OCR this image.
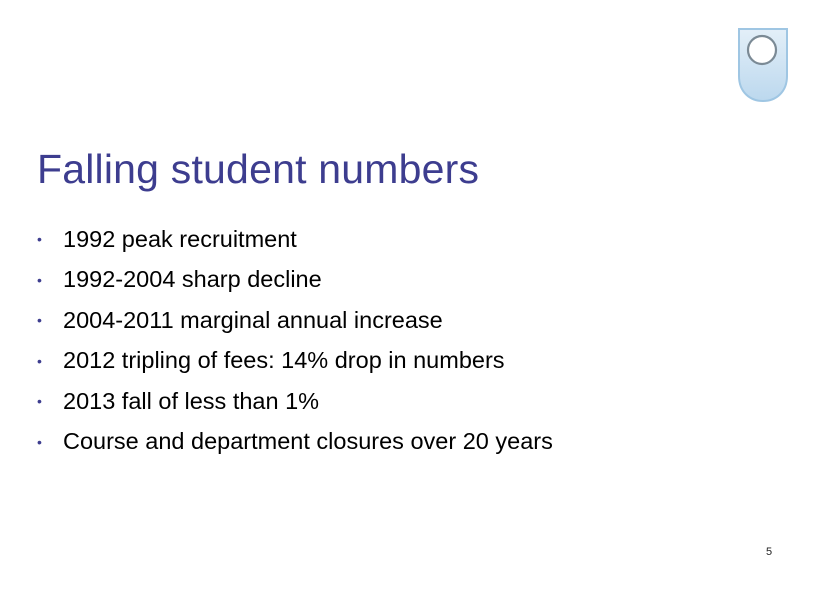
Falling student numbers
• 1992 peak recruitment
• 1992-2004 sharp decline
• 2004-2011 marginal annual increase
• 2012 tripling of fees: 14% drop in numbers
• 2013 fall of less than 1%
• Course and department closures over 20 years
5
